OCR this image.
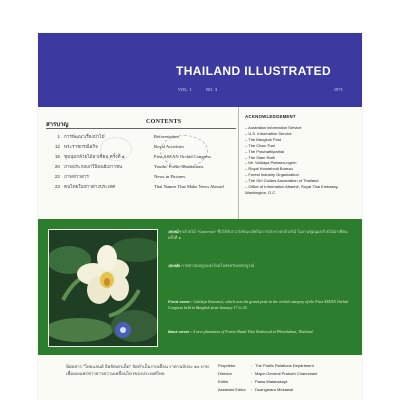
THAILAND ILLUSTRATED
VOL. 1	NO. 3	1971
สารบาญ	CONTENTS
1 การพัฒนาเรื่องป่าไม้	Reforestation
12 พระราชกรณียกิจ	Royal Activities
15 ชุมนุมกล้วยไม้อาเซียน ครั้งที่ ๑	First ASEAN Orchid Congress
20 ภาพประกอบกวีนิพนธ์เยาวชน	Youths' Poetic Illustrations
22 ภาพข่าวสาร	News in Pictures
23 คนไทยในข่าวต่างประเทศ	Thai Names That Make News Abroad
ACKNOWLEDGEMENT
– Australian Information Service
– U.S. Information Service
– The Bangkok Post
– The Chao Thai
– The Prachathipathai
– The Siam Rath
– Mr. Vidhaya Pinkaeo-ngern
– Royal Household Bureau
– Forest Industry Organization
– The Girl Guides Association of Thailand
– Office of Information Attaché, Royal Thai Embassy, Washington, D.C.
ปกหน้า กล้วยไม้ "Kasemsri" ซึ่งได้รับรางวัลชนะเลิศในการประกวดกล้วยไม้ ในงานชุมนุมกล้วยไม้อาเซียน ครั้งที่ ๑
ปกหลัง ภาพป่าสนปลูกแห่งใหม่ในจังหวัดเพชรบูรณ์
Front cover : Cattleya Kasemsri, which won the grand prize in the orchid category of the First ASEAN Orchid Congress held in Bangkok from January 17 to 25.
Back cover : A new plantation of Forest Shade Thai Teakwood at Phetchabun, Thailand.
นิตยสาร "ไทยแลนด์ อิลลัสเตรเต็ด" จัดทำเป็นรายเดือน ราคาฉบับละ ๑๐ บาท เพื่อเผยแพร่ข่าวสารความเคลื่อนไหวของประเทศไทย
Proprietor	: The Public Relations Department
Director	: Major-General Prakorb Chanumani
Editor	: Pawa Watanasupt
Assistant Editor : Duangmara Mekawat
